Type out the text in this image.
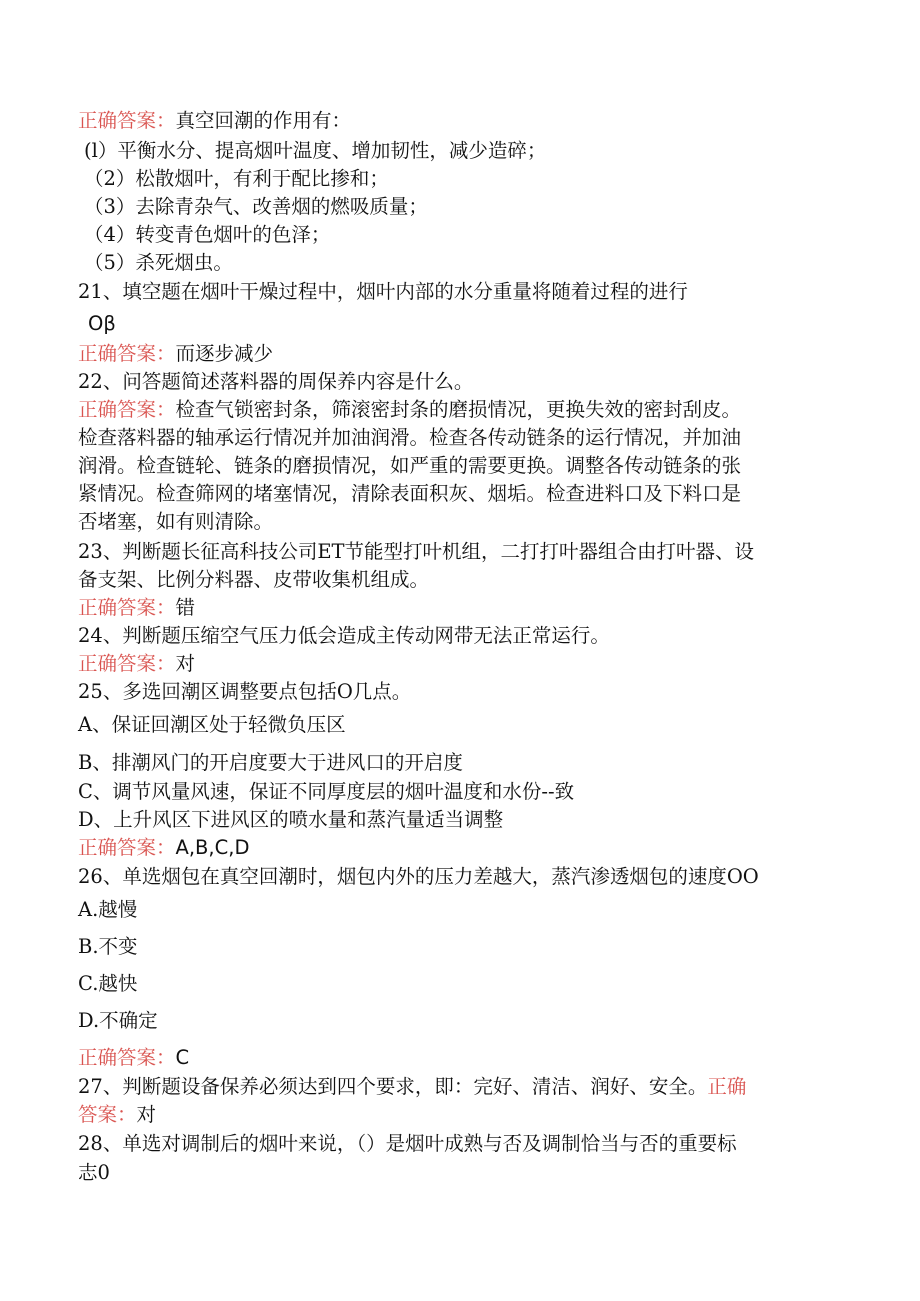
正确答案：真空回潮的作用有：
(l）平衡水分、提高烟叶温度、增加韧性，减少造碎；
（2）松散烟叶，有利于配比掺和；
（3）去除青杂气、改善烟的燃吸质量；
（4）转变青色烟叶的色泽；
（5）杀死烟虫。
21、填空题在烟叶干燥过程中，烟叶内部的水分重量将随着过程的进行
Oβ
正确答案：而逐步减少
22、问答题简述落料器的周保养内容是什么。
正确答案：检查气锁密封条，筛滚密封条的磨损情况，更换失效的密封刮皮。
检查落料器的轴承运行情况并加油润滑。检查各传动链条的运行情况，并加油
润滑。检查链轮、链条的磨损情况，如严重的需要更换。调整各传动链条的张
紧情况。检查筛网的堵塞情况，清除表面积灰、烟垢。检查进料口及下料口是
否堵塞，如有则清除。
23、判断题长征高科技公司ET节能型打叶机组，二打打叶器组合由打叶器、设
备支架、比例分料器、皮带收集机组成。
正确答案：错
24、判断题压缩空气压力低会造成主传动网带无法正常运行。
正确答案：对
25、多选回潮区调整要点包括O几点。
A、保证回潮区处于轻微负压区
B、排潮风门的开启度要大于进风口的开启度
C、调节风量风速，保证不同厚度层的烟叶温度和水份--致
D、上升风区下进风区的喷水量和蒸汽量适当调整
正确答案：A,B,C,D
26、单选烟包在真空回潮时，烟包内外的压力差越大，蒸汽渗透烟包的速度OO
A.越慢
B.不变
C.越快
D.不确定
正确答案：C
27、判断题设备保养必须达到四个要求，即：完好、清洁、润好、安全。正确
答案：对
28、单选对调制后的烟叶来说，（）是烟叶成熟与否及调制恰当与否的重要标
志0
